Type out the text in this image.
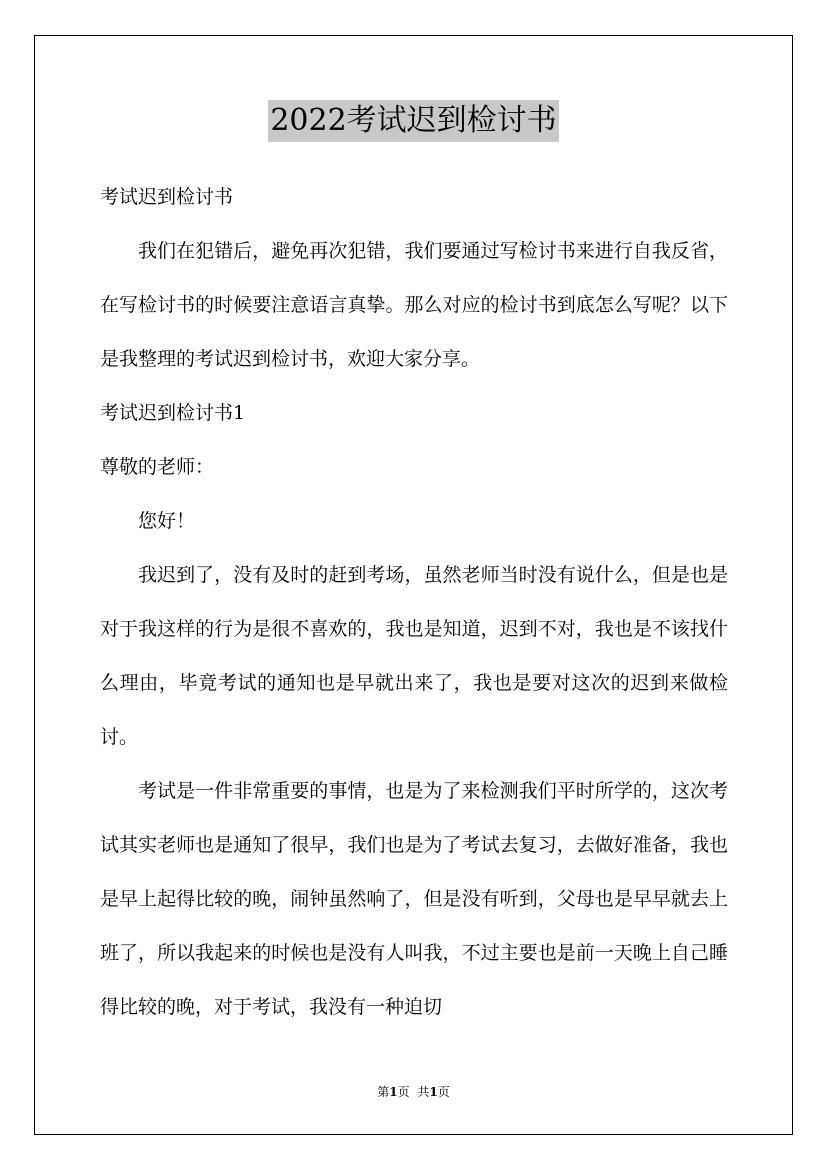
2022考试迟到检讨书

考试迟到检讨书

我们在犯错后，避免再次犯错，我们要通过写检讨书来进行自我反省，在写检讨书的时候要注意语言真挚。那么对应的检讨书到底怎么写呢？以下是我整理的考试迟到检讨书，欢迎大家分享。

考试迟到检讨书1

尊敬的老师：

您好！

我迟到了，没有及时的赶到考场，虽然老师当时没有说什么，但是也是对于我这样的行为是很不喜欢的，我也是知道，迟到不对，我也是不该找什么理由，毕竟考试的通知也是早就出来了，我也是要对这次的迟到来做检讨。

考试是一件非常重要的事情，也是为了来检测我们平时所学的，这次考试其实老师也是通知了很早，我们也是为了考试去复习，去做好准备，我也是早上起得比较的晚，闹钟虽然响了，但是没有听到，父母也是早早就去上班了，所以我起来的时候也是没有人叫我，不过主要也是前一天晚上自己睡得比较的晚，对于考试，我没有一种迫切

第1页 共1页
